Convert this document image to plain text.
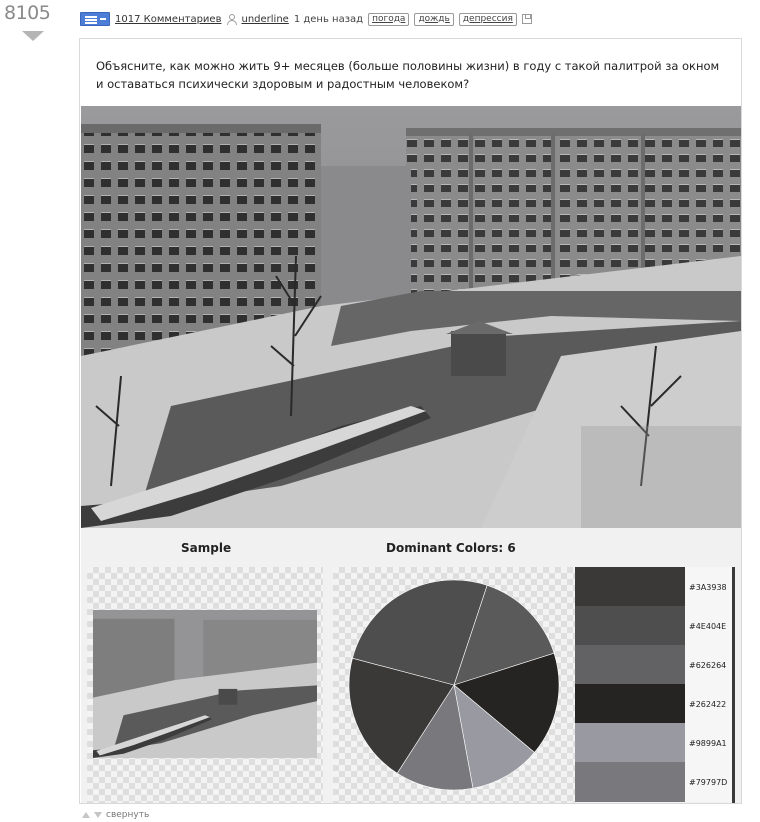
8105	1017 Комментариев underline 1 день назад	погода	дождь	депрессия
Объясните, как можно жить 9+ месяцев (больше половины жизни) в году с такой палитрой за окном и оставаться психически здоровым и радостным человеком?
Sample	Dominant Colors: 6
#3A3938
#4E404E
#626264
#262422
#9899A1
#79797D
свернуть
